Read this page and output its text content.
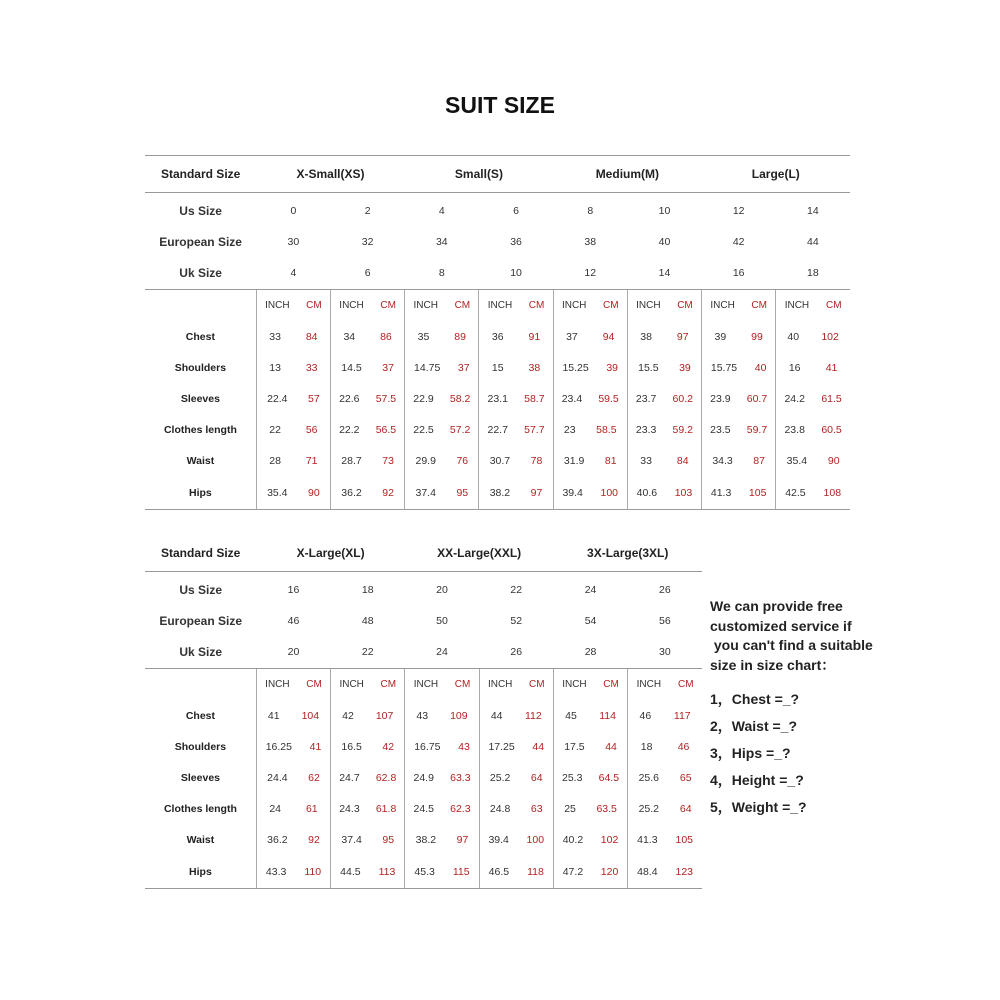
SUIT SIZE
Standard Size	X-Small(XS)		Small(S)		Medium(M)		Large(L)	
Us Size	0	2	4	6	8	10	12	14
European Size	30	32	34	36	38	40	42	44
Uk Size	4	6	8	10	12	14	16	18

	INCH CM	INCH CM	INCH CM	INCH CM	INCH CM	INCH CM	INCH CM	INCH CM

Chest	33 84	34 86	35 89	36 91	37 94	38 97	39 99	40 102

Shoulders	13 33	14.5 37	14.75 37	15 38	15.25 39	15.5 39	15.75 40	16 41

Sleeves	22.4 57	22.6 57.5	22.9 58.2	23.1 58.7	23.4 59.5	23.7 60.2	23.9 60.7	24.2 61.5

Clothes length	22 56	22.2 56.5	22.5 57.2	22.7 57.7	23 58.5	23.3 59.2	23.5 59.7	23.8 60.5

Waist	28 71	28.7 73	29.9 76	30.7 78	31.9 81	33 84	34.3 87	35.4 90

Hips	35.4 90	36.2 92	37.4 95	38.2 97	39.4 100	40.6 103	41.3 105	42.5 108
Standard Size	X-Large(XL)		XX-Large(XXL)		3X-Large(3XL)	
Us Size	16	18	20	22	24	26
European Size	46	48	50	52	54	56
Uk Size	20	22	24	26	28	30

	INCH CM	INCH CM	INCH CM	INCH CM	INCH CM	INCH CM

Chest	41 104	42 107	43 109	44 112	45 114	46 117

Shoulders	16.25 41	16.5 42	16.75 43	17.25 44	17.5 44	18 46

Sleeves	24.4 62	24.7 62.8	24.9 63.3	25.2 64	25.3 64.5	25.6 65

Clothes length	24 61	24.3 61.8	24.5 62.3	24.8 63	25 63.5	25.2 64

Waist	36.2 92	37.4 95	38.2 97	39.4 100	40.2 102	41.3 105

Hips	43.3 110	44.5 113	45.3 115	46.5 118	47.2 120	48.4 123
We can provide free
customized service if
you can't find a suitable
size in size chart：
1，Chest =_?
2，Waist =_?
3，Hips =_?
4，Height =_?
5，Weight =_?
